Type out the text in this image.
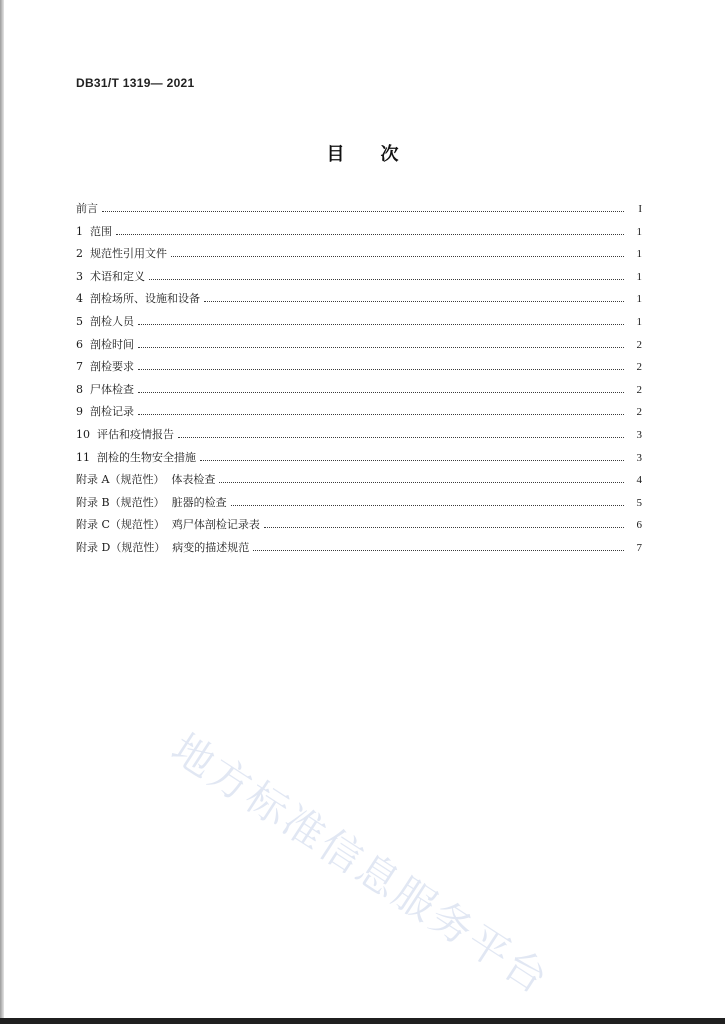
DB31/T 1319— 2021
目次
前言	I
1  范围	1
2  规范性引用文件	1
3  术语和定义	1
4  剖检场所、设施和设备	1
5  剖检人员	1
6  剖检时间	2
7  剖检要求	2
8  尸体检查	2
9  剖检记录	2
10  评估和疫情报告	3
11  剖检的生物安全措施	3
附录 A（规范性）  体表检查	4
附录 B（规范性）  脏器的检查	5
附录 C（规范性）  鸡尸体剖检记录表	6
附录 D（规范性）  病变的描述规范	7
地方标准信息服务平台
